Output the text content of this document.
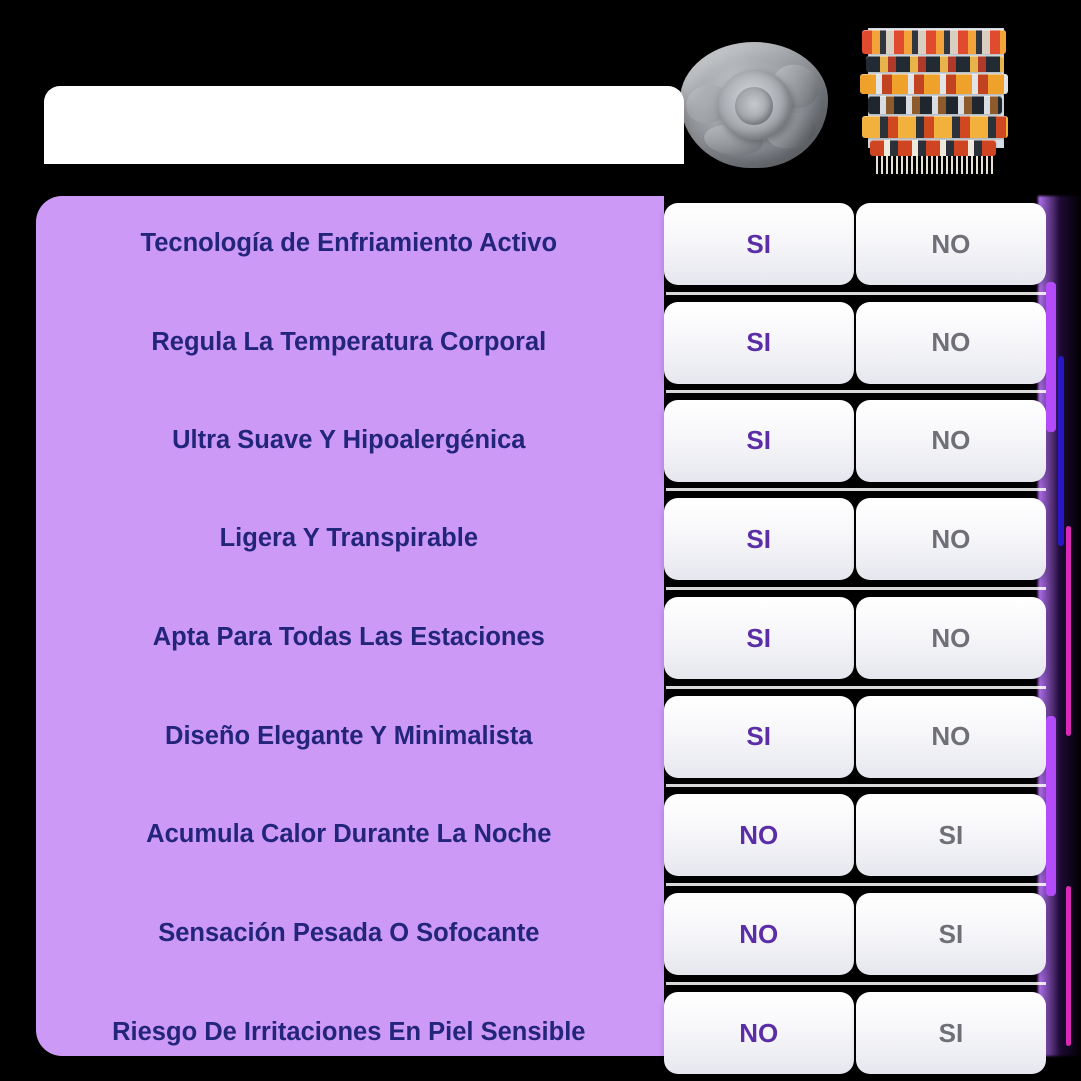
Comparación
Tecnología de Enfriamiento Activo	SI	NO
Regula La Temperatura Corporal	SI	NO
Ultra Suave Y Hipoalergénica	SI	NO
Ligera Y Transpirable	SI	NO
Apta Para Todas Las Estaciones	SI	NO
Diseño Elegante Y Minimalista	SI	NO
Acumula Calor Durante La Noche	NO	SI
Sensación Pesada O Sofocante	NO	SI
Riesgo De Irritaciones En Piel Sensible	NO	SI
